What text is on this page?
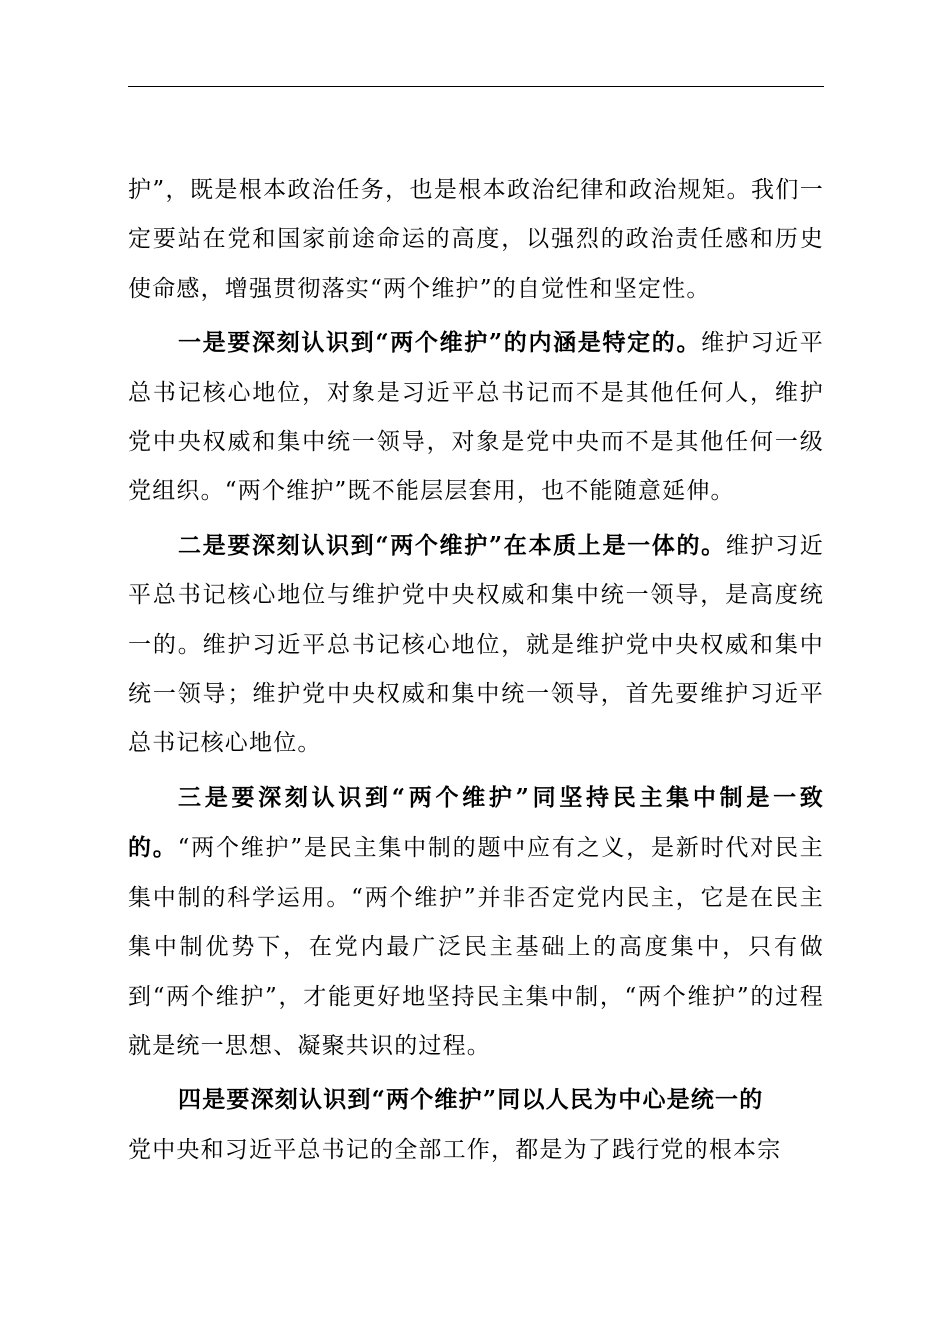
护”，既是根本政治任务，也是根本政治纪律和政治规矩。我们一定要站在党和国家前途命运的高度，以强烈的政治责任感和历史使命感，增强贯彻落实“两个维护”的自觉性和坚定性。

一是要深刻认识到“两个维护”的内涵是特定的。维护习近平总书记核心地位，对象是习近平总书记而不是其他任何人，维护党中央权威和集中统一领导，对象是党中央而不是其他任何一级党组织。“两个维护”既不能层层套用，也不能随意延伸。

二是要深刻认识到“两个维护”在本质上是一体的。维护习近平总书记核心地位与维护党中央权威和集中统一领导，是高度统一的。维护习近平总书记核心地位，就是维护党中央权威和集中统一领导；维护党中央权威和集中统一领导，首先要维护习近平总书记核心地位。

三是要深刻认识到“两个维护”同坚持民主集中制是一致的。“两个维护”是民主集中制的题中应有之义，是新时代对民主集中制的科学运用。“两个维护”并非否定党内民主，它是在民主集中制优势下，在党内最广泛民主基础上的高度集中，只有做到“两个维护”，才能更好地坚持民主集中制，“两个维护”的过程就是统一思想、凝聚共识的过程。

四是要深刻认识到“两个维护”同以人民为中心是统一的
党中央和习近平总书记的全部工作，都是为了践行党的根本宗
